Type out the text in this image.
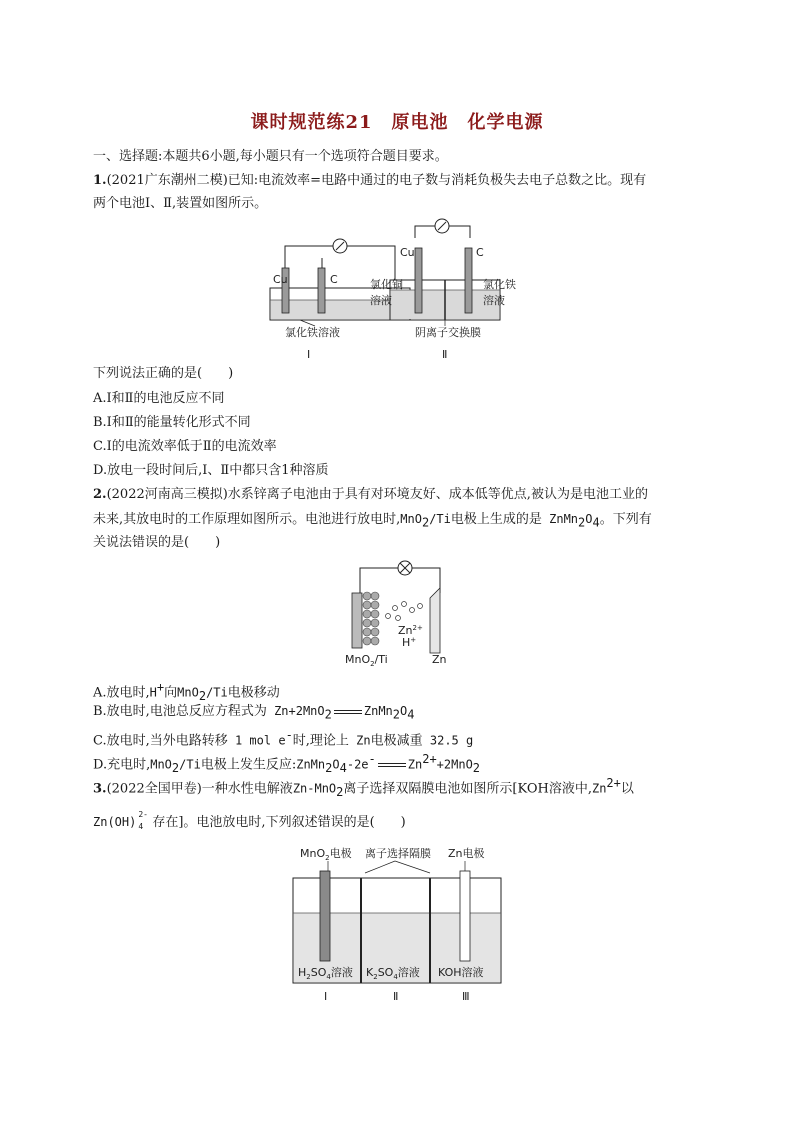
课时规范练21　原电池　化学电源
一、选择题:本题共6小题,每小题只有一个选项符合题目要求。
1.(2021广东潮州二模)已知:电流效率=电路中通过的电子数与消耗负极失去电子总数之比。现有
两个电池Ⅰ、Ⅱ,装置如图所示。
Cu	C
氯化铁溶液
Ⅰ
Cu	C
氯化铜
溶液
氯化铁
溶液
阴离子交换膜
Ⅱ
下列说法正确的是(　　)
A.Ⅰ和Ⅱ的电池反应不同
B.Ⅰ和Ⅱ的能量转化形式不同
C.Ⅰ的电流效率低于Ⅱ的电流效率
D.放电一段时间后,Ⅰ、Ⅱ中都只含1种溶质
2.(2022河南高三模拟)水系锌离子电池由于具有对环境友好、成本低等优点,被认为是电池工业的
未来,其放电时的工作原理如图所示。电池进行放电时,MnO$_2$/Ti电极上生成的是 $ZnMn_2O_4$。下列有
关说法错误的是(　　)
$Zn^{2+}$
H+
MnO$_2$/Ti	Zn
A.放电时,H+向MnO$_2$/Ti电极移动
B.放电时,电池总反应方程式为 Zn+2MnO$_2$	$ZnMn_2O_4$
C.放电时,当外电路转移 1 mol e-时,理论上 Zn电极减重 32.5 g
D.充电时,MnO$_2$/Ti电极上发生反应$:ZnMn_2O_4-2e^-$	$Zn^{2+}+2MnO_2$
3.(2022全国甲卷)一种水性电解液Zn-MnO$_2$离子选择双隔膜电池如图所示[KOH溶液中$,Zn^{2+}$以
Zn(OH)
2-
4 存在]。电池放电时,下列叙述错误的是(　　)
MnO$_2$电极 离子选择隔膜 Zn电极
$H_2SO_4$溶液 $K_2SO_4$溶液 KOH溶液
Ⅰ	Ⅱ	Ⅲ
